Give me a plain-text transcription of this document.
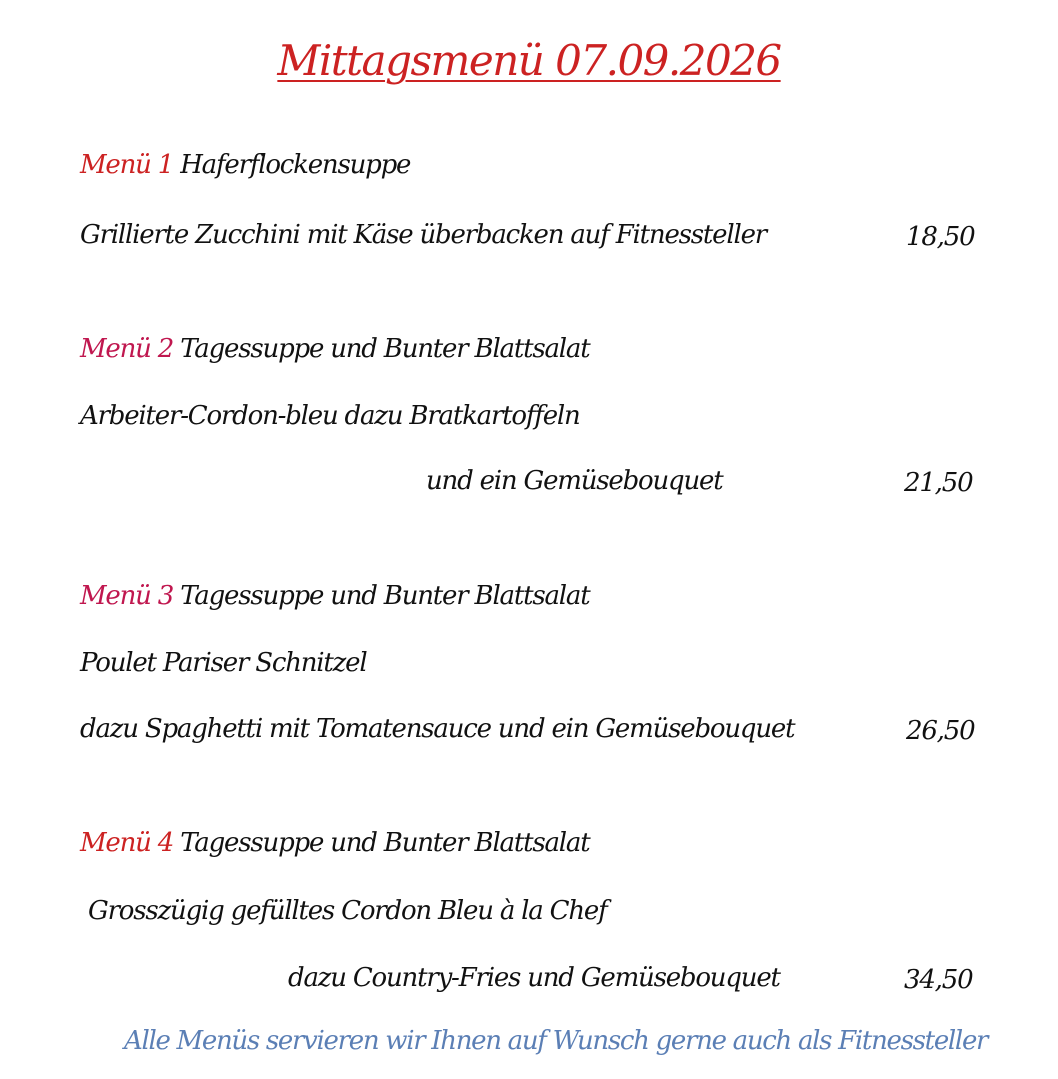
Mittagsmenü 07.09.2026
Menü 1 Haferflockensuppe
Grillierte Zucchini mit Käse überbacken auf Fitnessteller	18,50
Menü 2 Tagessuppe und Bunter Blattsalat
Arbeiter-Cordon-bleu dazu Bratkartoffeln
und ein Gemüsebouquet	21,50
Menü 3 Tagessuppe und Bunter Blattsalat
Poulet Pariser Schnitzel
dazu Spaghetti mit Tomatensauce und ein Gemüsebouquet	26,50
Menü 4 Tagessuppe und Bunter Blattsalat
Grosszügig gefülltes Cordon Bleu à la Chef
dazu Country-Fries und Gemüsebouquet	34,50
Alle Menüs servieren wir Ihnen auf Wunsch gerne auch als Fitnessteller
